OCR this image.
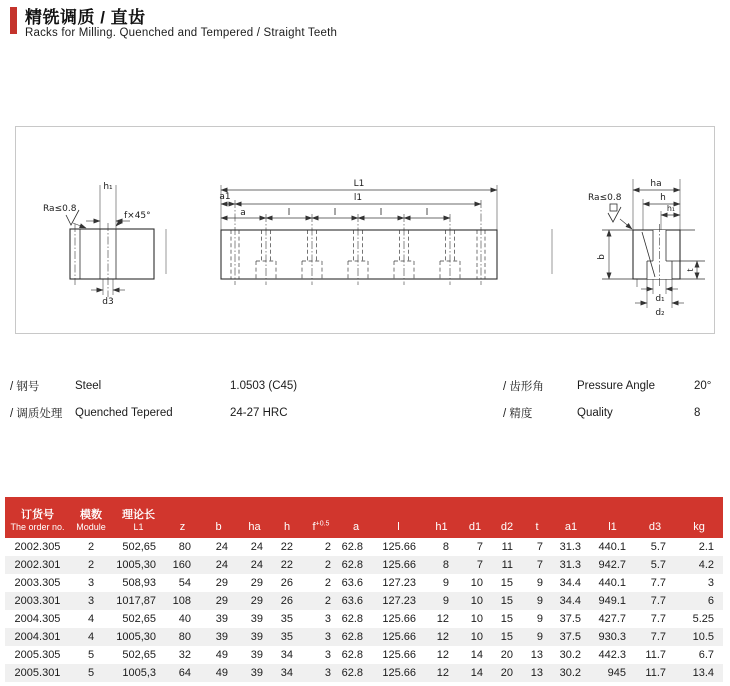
精铣调质 / 直齿
Racks for Milling. Quenched and Tempered / Straight Teeth
h₁
f×45°
Ra≤0.8
d3
L1
a1	l1
a	l	l	l	l
ha
h
h₁
b
t
d₁
d₂
Ra≤0.8
/ 钢号	Steel	1.0503 (C45)
/ 调质处理	Quenched Tepered	24-27 HRC
/ 齿形角	Pressure Angle	20°
/ 精度	Quality	8
订货号
The order no.

模数
Module

理论长
L1	z	b	ha	h	$f^{+0.5}$	a	l	h1	d1	d2	t	a1	l1	d3	kg
2002.305	2	502,65	80	24	24	22	2	62.8	125.66	8	7	11	7	31.3	440.1	5.7	2.1
2002.301	2	1005,30	160	24	24	22	2	62.8	125.66	8	7	11	7	31.3	942.7	5.7	4.2
2003.305	3	508,93	54	29	29	26	2	63.6	127.23	9	10	15	9	34.4	440.1	7.7	3
2003.301	3	1017,87	108	29	29	26	2	63.6	127.23	9	10	15	9	34.4	949.1	7.7	6
2004.305	4	502,65	40	39	39	35	3	62.8	125.66	12	10	15	9	37.5	427.7	7.7	5.25
2004.301	4	1005,30	80	39	39	35	3	62.8	125.66	12	10	15	9	37.5	930.3	7.7	10.5
2005.305	5	502,65	32	49	39	34	3	62.8	125.66	12	14	20	13	30.2	442.3	11.7	6.7
2005.301	5	1005,3	64	49	39	34	3	62.8	125.66	12	14	20	13	30.2	945	11.7	13.4
